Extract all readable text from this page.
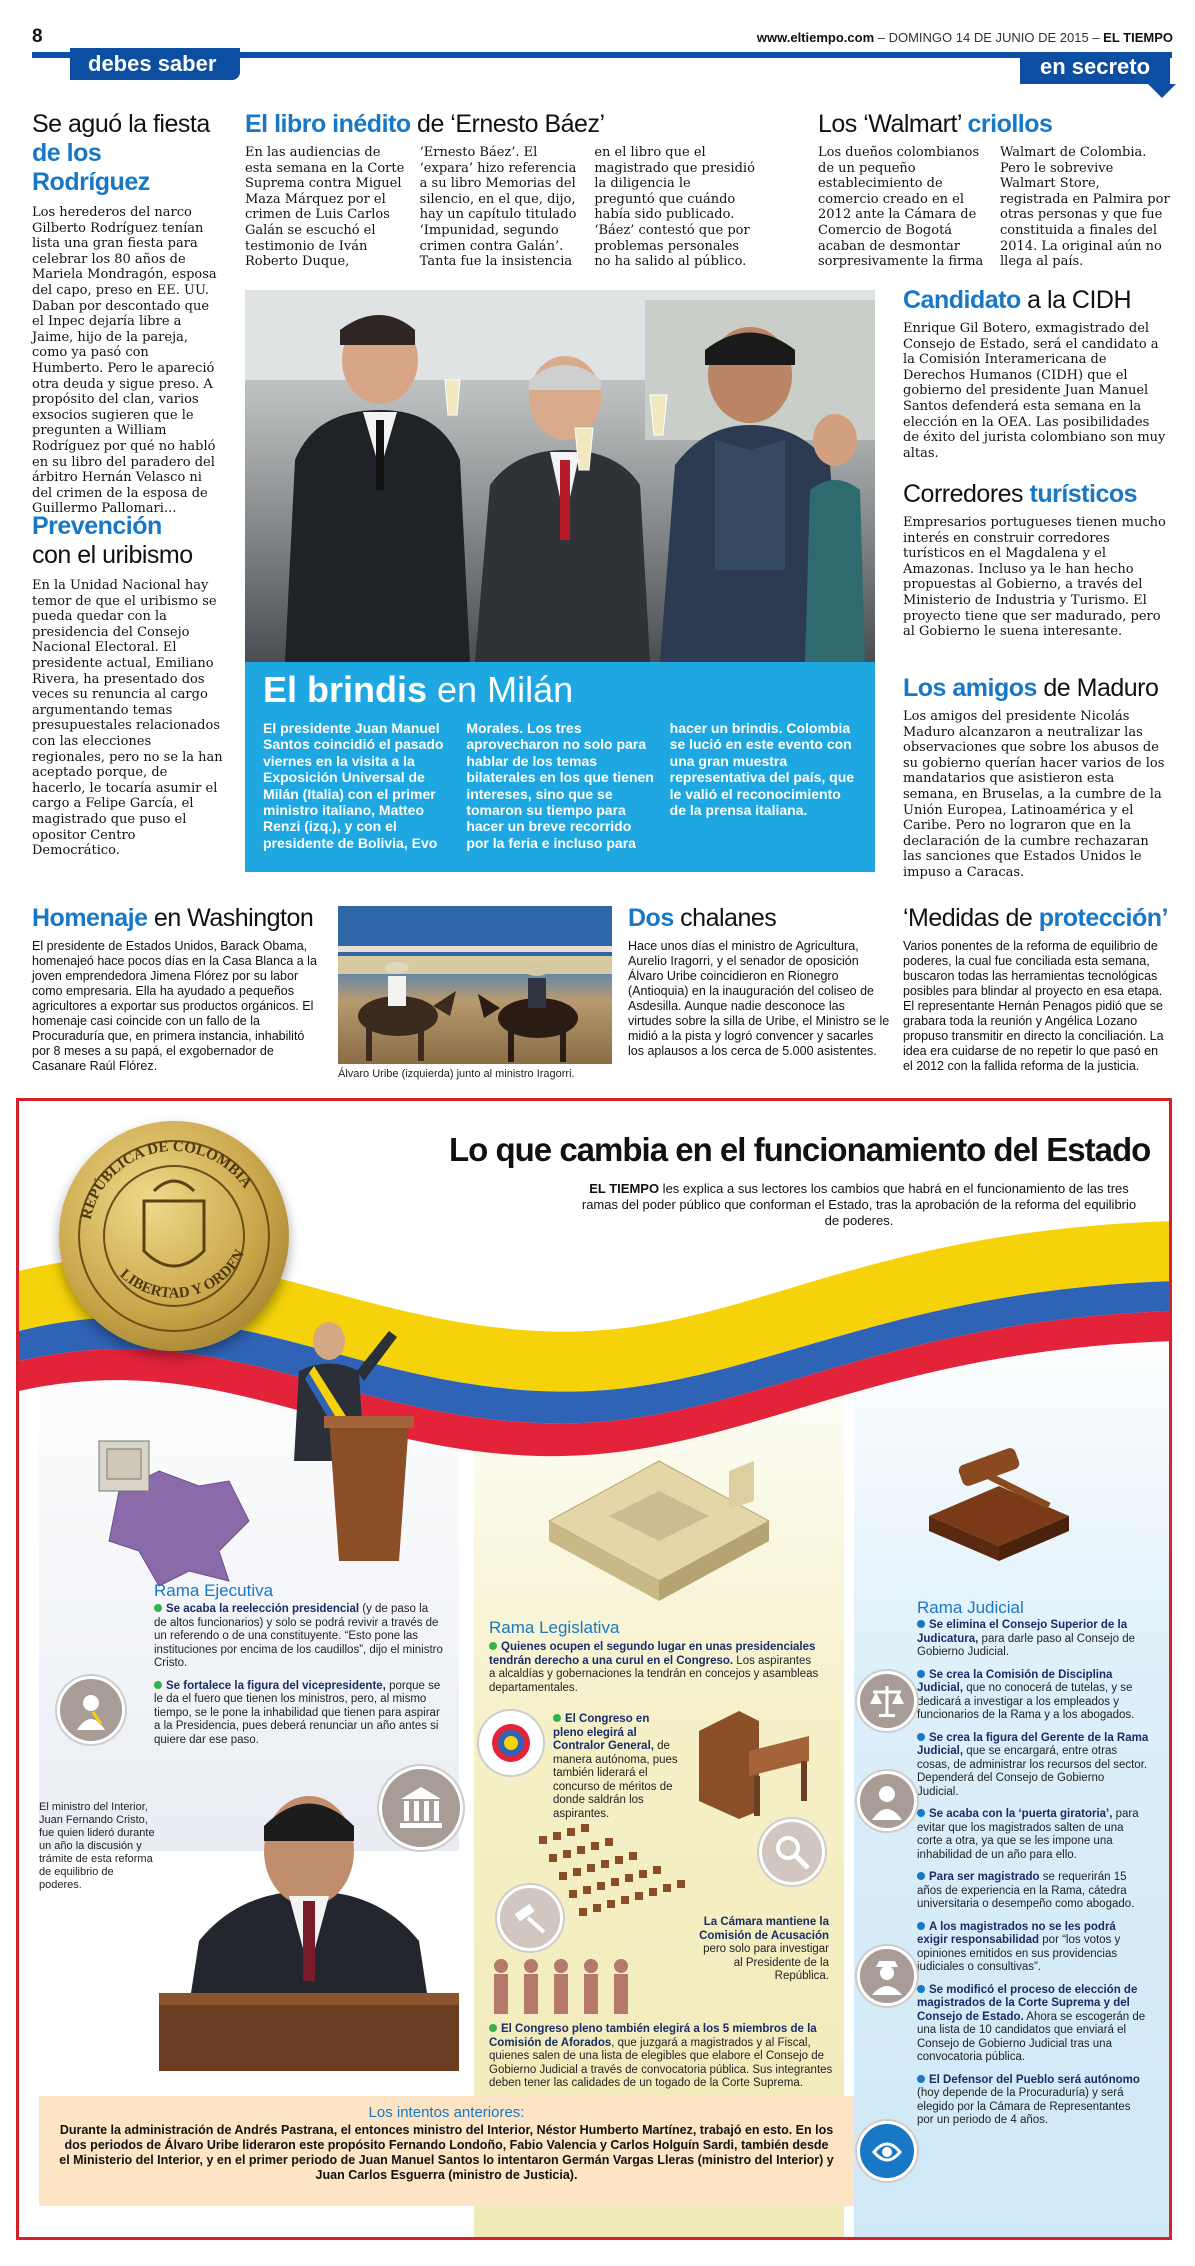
8	www.eltiempo.com – DOMINGO 14 DE JUNIO DE 2015 – EL TIEMPO
debes saber	en secreto
Se aguó la fiesta
de los Rodríguez
Los herederos del narco Gilberto Rodríguez tenían lista una gran fiesta para celebrar los 80 años de Mariela Mondragón, esposa del capo, preso en EE. UU. Daban por descontado que el Inpec dejaría libre a Jaime, hijo de la pareja, como ya pasó con Humberto. Pero le apareció otra deuda y sigue preso. A propósito del clan, varios exsocios sugieren que le pregunten a William Rodríguez por qué no habló en su libro del paradero del árbitro Hernán Velasco ni del crimen de la esposa de Guillermo Pallomari...
Prevención
con el uribismo
En la Unidad Nacional hay temor de que el uribismo se pueda quedar con la presidencia del Consejo Nacional Electoral. El presidente actual, Emiliano Rivera, ha presentado dos veces su renuncia al cargo argumentando temas presupuestales relacionados con las elecciones regionales, pero no se la han aceptado porque, de hacerlo, le tocaría asumir el cargo a Felipe García, el magistrado que puso el opositor Centro Democrático.
El libro inédito de ‘Ernesto Báez’
En las audiencias de esta semana en la Corte Suprema contra Miguel Maza Márquez por el crimen de Luis Carlos Galán se escuchó el testimonio de Iván Roberto Duque, ‘Ernesto Báez’. El ‘expara’ hizo referencia a su libro Memorias del silencio, en el que, dijo, hay un capítulo titulado ‘Impunidad, segundo crimen contra Galán’. Tanta fue la insistencia en el libro que el magistrado que presidió la diligencia le preguntó que cuándo había sido publicado. ‘Báez’ contestó que por problemas personales no ha salido al público.
Los ‘Walmart’ criollos
Los dueños colombianos de un pequeño establecimiento de comercio creado en el 2012 ante la Cámara de Comercio de Bogotá acaban de desmontar sorpresivamente la firma Walmart de Colombia. Pero le sobrevive Walmart Store, registrada en Palmira por otras personas y que fue constituida a finales del 2014. La original aún no llega al país.
El brindis en Milán
El presidente Juan Manuel Santos coincidió el pasado viernes en la visita a la Exposición Universal de Milán (Italia) con el primer ministro italiano, Matteo Renzi (izq.), y con el presidente de Bolivia, Evo Morales. Los tres aprovecharon no solo para hablar de los temas bilaterales en los que tienen intereses, sino que se tomaron su tiempo para hacer un breve recorrido por la feria e incluso para hacer un brindis. Colombia se lució en este evento con una gran muestra representativa del país, que le valió el reconocimiento de la prensa italiana.
Candidato a la CIDH
Enrique Gil Botero, exmagistrado del Consejo de Estado, será el candidato a la Comisión Interamericana de Derechos Humanos (CIDH) que el gobierno del presidente Juan Manuel Santos defenderá esta semana en la elección en la OEA. Las posibilidades de éxito del jurista colombiano son muy altas.
Corredores turísticos
Empresarios portugueses tienen mucho interés en construir corredores turísticos en el Magdalena y el Amazonas. Incluso ya le han hecho propuestas al Gobierno, a través del Ministerio de Industria y Turismo. El proyecto tiene que ser madurado, pero al Gobierno le suena interesante.
Los amigos de Maduro
Los amigos del presidente Nicolás Maduro alcanzaron a neutralizar las observaciones que sobre los abusos de su gobierno querían hacer varios de los mandatarios que asistieron esta semana, en Bruselas, a la cumbre de la Unión Europea, Latinoamérica y el Caribe. Pero no lograron que en la declaración de la cumbre rechazaran las sanciones que Estados Unidos le impuso a Caracas.
Homenaje en Washington
El presidente de Estados Unidos, Barack Obama, homenajeó hace pocos días en la Casa Blanca a la joven emprendedora Jimena Flórez por su labor como empresaria. Ella ha ayudado a pequeños agricultores a exportar sus productos orgánicos. El homenaje casi coincide con un fallo de la Procuraduría que, en primera instancia, inhabilitó por 8 meses a su papá, el exgobernador de Casanare Raúl Flórez.
Álvaro Uribe (izquierda) junto al ministro Iragorri.
Dos chalanes
Hace unos días el ministro de Agricultura, Aurelio Iragorri, y el senador de oposición Álvaro Uribe coincidieron en Rionegro (Antioquia) en la inauguración del coliseo de Asdesilla. Aunque nadie desconoce las virtudes sobre la silla de Uribe, el Ministro se le midió a la pista y logró convencer y sacarles los aplausos a los cerca de 5.000 asistentes.
‘Medidas de protección’
Varios ponentes de la reforma de equilibrio de poderes, la cual fue conciliada esta semana, buscaron todas las herramientas tecnológicas posibles para blindar al proyecto en esa etapa. El representante Hernán Penagos pidió que se grabara toda la reunión y Angélica Lozano propuso transmitir en directo la conciliación. La idea era cuidarse de no repetir lo que pasó en el 2012 con la fallida reforma de la justicia.
REPÚBLICA DE COLOMBIA
LIBERTAD Y ORDEN
Lo que cambia en el funcionamiento del Estado
EL TIEMPO les explica a sus lectores los cambios que habrá en el funcionamiento de las tres ramas del poder público que conforman el Estado, tras la aprobación de la reforma del equilibrio de poderes.
Rama Ejecutiva
Se acaba la reelección presidencial (y de paso la de altos funcionarios) y solo se podrá revivir a través de un referendo o de una constituyente. “Esto pone las instituciones por encima de los caudillos”, dijo el ministro Cristo.
Se fortalece la figura del vicepresidente, porque se le da el fuero que tienen los ministros, pero, al mismo tiempo, se le pone la inhabilidad que tienen para aspirar a la Presidencia, pues deberá renunciar un año antes si quiere dar ese paso.
El ministro del Interior, Juan Fernando Cristo, fue quien lideró durante un año la discusión y trámite de esta reforma de equilibrio de poderes.
Rama Legislativa
Quienes ocupen el segundo lugar en unas presidenciales tendrán derecho a una curul en el Congreso. Los aspirantes a alcaldías y gobernaciones la tendrán en concejos y asambleas departamentales.
El Congreso en pleno elegirá al Contralor General, de manera autónoma, pues también liderará el concurso de méritos de donde saldrán los aspirantes.
La Cámara mantiene la Comisión de Acusación pero solo para investigar al Presidente de la República.
El Congreso pleno también elegirá a los 5 miembros de la Comisión de Aforados, que juzgará a magistrados y al Fiscal, quienes salen de una lista de elegibles que elabore el Consejo de Gobierno Judicial a través de convocatoria pública. Sus integrantes deben tener las calidades de un togado de la Corte Suprema.
Rama Judicial
Se elimina el Consejo Superior de la Judicatura, para darle paso al Consejo de Gobierno Judicial.
Se crea la Comisión de Disciplina Judicial, que no conocerá de tutelas, y se dedicará a investigar a los empleados y funcionarios de la Rama y a los abogados.
Se crea la figura del Gerente de la Rama Judicial, que se encargará, entre otras cosas, de administrar los recursos del sector. Dependerá del Consejo de Gobierno Judicial.
Se acaba con la ‘puerta giratoria’, para evitar que los magistrados salten de una corte a otra, ya que se les impone una inhabilidad de un año para ello.
Para ser magistrado se requerirán 15 años de experiencia en la Rama, cátedra universitaria o desempeño como abogado.
A los magistrados no se les podrá exigir responsabilidad por “los votos y opiniones emitidos en sus providencias judiciales o consultivas”.
Se modificó el proceso de elección de magistrados de la Corte Suprema y del Consejo de Estado. Ahora se escogerán de una lista de 10 candidatos que enviará el Consejo de Gobierno Judicial tras una convocatoria pública.
El Defensor del Pueblo será autónomo (hoy depende de la Procuraduría) y será elegido por la Cámara de Representantes por un periodo de 4 años.
Los intentos anteriores:
Durante la administración de Andrés Pastrana, el entonces ministro del Interior, Néstor Humberto Martínez, trabajó en esto. En los dos periodos de Álvaro Uribe lideraron este propósito Fernando Londoño, Fabio Valencia y Carlos Holguín Sardi, también desde el Ministerio del Interior, y en el primer periodo de Juan Manuel Santos lo intentaron Germán Vargas Lleras (ministro del Interior) y Juan Carlos Esguerra (ministro de Justicia).
